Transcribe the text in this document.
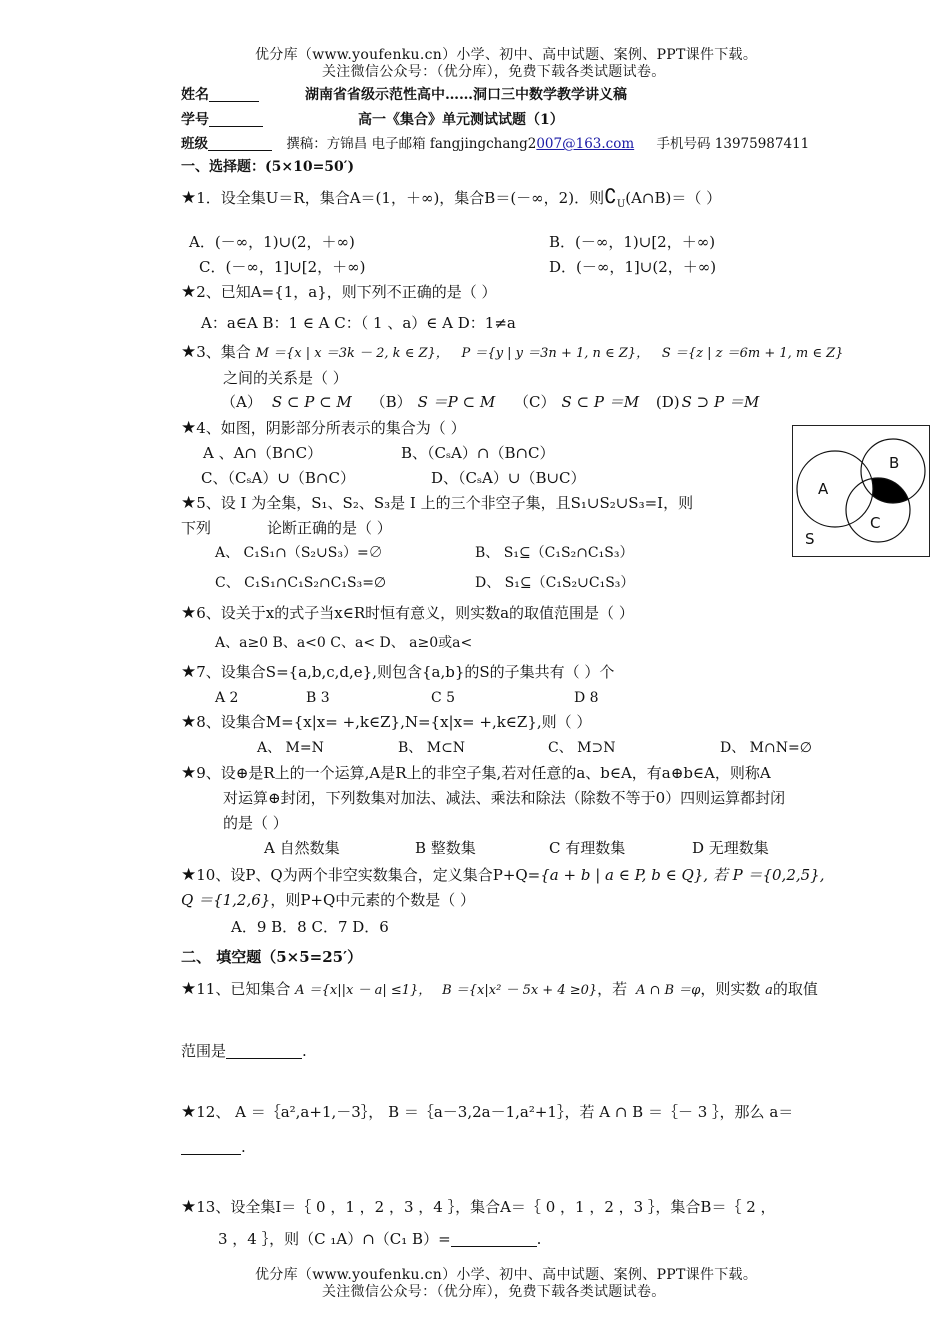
优分库（www.youfenku.cn）小学、初中、高中试题、案例、PPT课件下载。
关注微信公众号：（优分库），免费下载各类试题试卷。
姓名	湖南省省级示范性高中……洞口三中数学教学讲义稿
学号	高一《集合》单元测试试题（1）
班级	撰稿：方锦昌 电子邮箱 fangjingchang2007@163.com 手机号码 13975987411
一、选择题：(5×10=50′)
★1．设全集U＝R，集合A＝(1，＋∞)，集合B＝(－∞，2)．则$∁_U(A\cap B)=$（ ）
A．(－∞，1)∪(2，＋∞)	B．(－∞，1)∪[2，＋∞)
C．(－∞，1]∪[2，＋∞)	D．(－∞，1]∪(2，＋∞)
★2、已知A={1，a}，则下列不正确的是（ ）
A：a∈A B：1 ∈ A C：（ 1 、a）∈ A D：1≠a
★3、集合 M ＝{x | x ＝3k － 2, k ∈ Z}， P ＝{y | y ＝3n + 1, n ∈ Z}， S ＝{z | z ＝6m + 1, m ∈ Z}
之间的关系是（ ）
（A） S ⊂ P ⊂ M （B） S ＝P ⊂ M （C） S ⊂ P ＝M (D) S ⊃ P ＝M
★4、如图，阴影部分所表示的集合为（ ）
A 、A∩（B∩C）	B、（CₛA）∩（B∩C）
C、（CₛA）∪（B∩C）	D、（CₛA）∪（B∪C）
A
B
C
S
★5、设 I 为全集，S₁、S₂、S₃是 I 上的三个非空子集，且S₁∪S₂∪S₃=I，则
下列	论断正确的是（ ）
A、 C₁S₁∩（S₂∪S₃）=∅	B、 S₁⊆（C₁S₂∩C₁S₃）
C、 C₁S₁∩C₁S₂∩C₁S₃=∅	D、 S₁⊆（C₁S₂∪C₁S₃）
★6、设关于x的式子当x∈R时恒有意义，则实数a的取值范围是（ ）
A、a≥0 B、a<0 C、a< D、 a≥0或a<
★7、设集合S={a,b,c,d,e},则包含{a,b}的S的子集共有（ ）个
A 2	B 3	C 5	D 8
★8、设集合M={x|x= +,k∈Z},N={x|x= +,k∈Z},则（ ）
A、 M=N	B、 M⊂N	C、 M⊃N	D、 M∩N=∅
★9、设⊕是R上的一个运算,A是R上的非空子集,若对任意的a、b∈A，有a⊕b∈A，则称A
对运算⊕封闭，下列数集对加法、减法、乘法和除法（除数不等于0）四则运算都封闭
的是（ ）
A 自然数集	B 整数集	C 有理数集	D 无理数集
★10、设P、Q为两个非空实数集合，定义集合P+Q={a + b | a ∈ P, b ∈ Q}, 若 P ＝{0,2,5},
Q ＝{1,2,6}，则P+Q中元素的个数是（ ）
A．9 B．8 C．7 D．6
二、 填空题（5×5=25′）
★11、已知集合 A ＝{x||x － a| ≤1}， B ＝{x|x² － 5x + 4 ≥0}，若 A ∩ B ＝φ，则实数 a的取值
范围是	.
★12、 A ＝｛a²,a+1,－3｝， B ＝｛a－3,2a－1,a²+1｝，若 A ∩ B ＝｛－ 3 ｝，那么 a＝
.
★13、设全集I＝｛ 0 ，1 ，2 ，3 ，4 ｝，集合A＝｛ 0 ，1 ，2 ，3 ｝，集合B＝｛ 2 ，
3 ，4 ｝，则（C ₁A）∩（C₁ B）=	.
优分库（www.youfenku.cn）小学、初中、高中试题、案例、PPT课件下载。
关注微信公众号：（优分库），免费下载各类试题试卷。
